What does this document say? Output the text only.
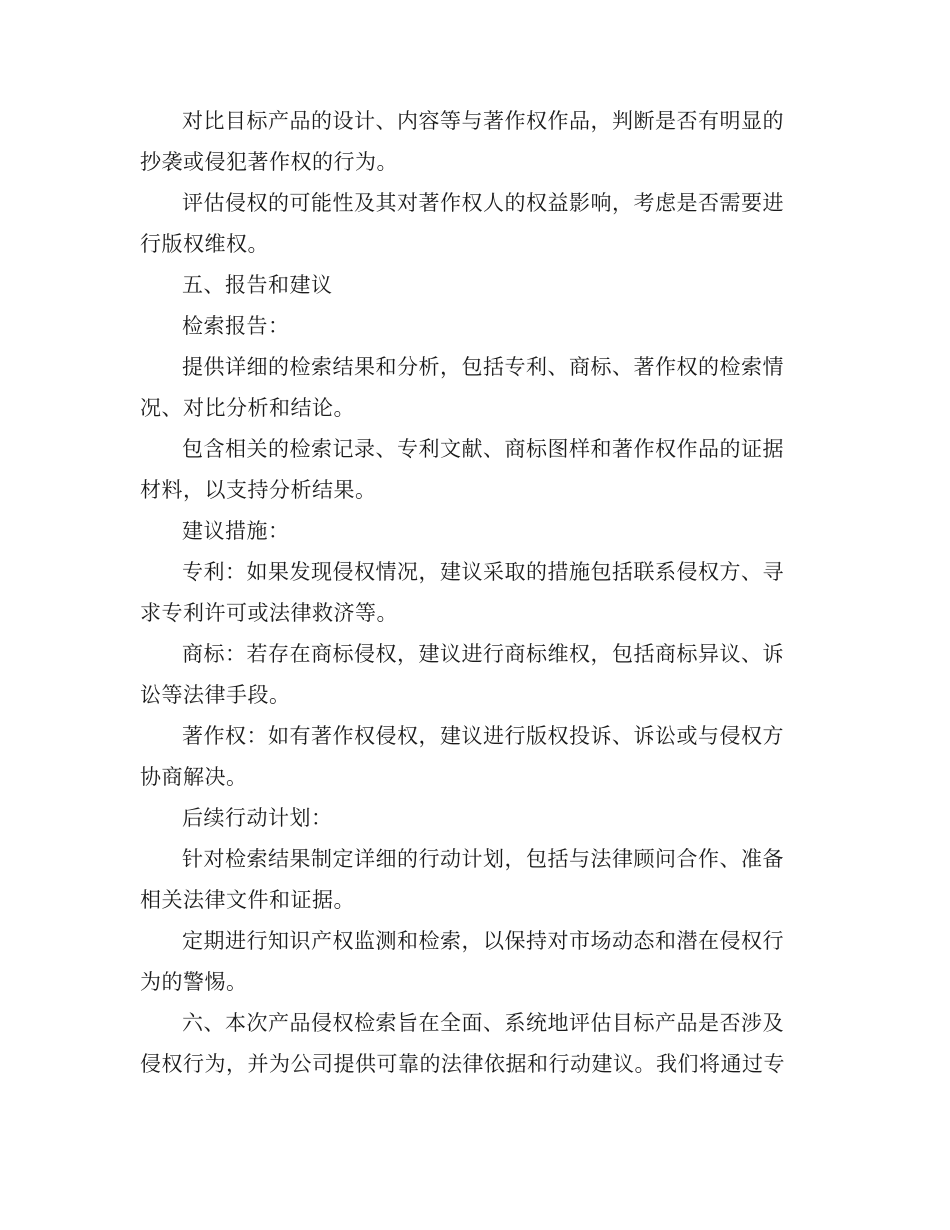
对比目标产品的设计、内容等与著作权作品，判断是否有明显的抄袭或侵犯著作权的行为。

评估侵权的可能性及其对著作权人的权益影响，考虑是否需要进行版权维权。

五、报告和建议

检索报告：

提供详细的检索结果和分析，包括专利、商标、著作权的检索情况、对比分析和结论。

包含相关的检索记录、专利文献、商标图样和著作权作品的证据材料，以支持分析结果。

建议措施：

专利：如果发现侵权情况，建议采取的措施包括联系侵权方、寻求专利许可或法律救济等。

商标：若存在商标侵权，建议进行商标维权，包括商标异议、诉讼等法律手段。

著作权：如有著作权侵权，建议进行版权投诉、诉讼或与侵权方协商解决。

后续行动计划：

针对检索结果制定详细的行动计划，包括与法律顾问合作、准备相关法律文件和证据。

定期进行知识产权监测和检索，以保持对市场动态和潜在侵权行为的警惕。

六、本次产品侵权检索旨在全面、系统地评估目标产品是否涉及侵权行为，并为公司提供可靠的法律依据和行动建议。我们将通过专
